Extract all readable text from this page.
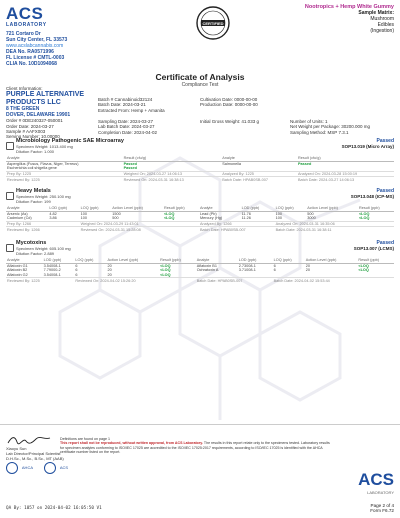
ACS
LABORATORY
721 Cortaro Dr
Sun City Center, FL 33573
www.acslabcannabis.com
DEA No. RA0571996
FL License # CMTL-0003
CLIA No. 10D1094068
CERTIFIED
Nootropics + Hemp White Gummy
Sample Matrix:
Mushroom
Edibles
(Ingestion)
Certificate of Analysis
Compliance Test
Client Information:
PURPLE ALTERNATIVE PRODUCTS LLC
8 THE GREEN
DOVER, DELAWARE 19901
Order # 0DE240327-050001
Order Date: 2024-03-27
Sample # AAFX003
Serving Number: 10.00000

Batch # Cannabinoid32124
Batch Date: 2024-03-21
Extracted From: Hemp + Amanita

Cultivation Date: 0000-00-00
Production Date: 0000-00-00
Sampling Date: 2024-03-27
Lab Batch Date: 2024-03-27
Completion Date: 2024-04-02
Initial Gross Weight: 41.033 g	Number of Units: 1
Net Weight per Package: 30200.000 mg
Sampling Method: MSP 7.3.1
Microbiology Pathogenic SAE Microarray
Specimen Weight: 1013.400 mg
Dilution Factor: 1.000
Passed
SOP13.019 (Micro Array)
Analyte	Result (cfu/g)	Analyte	Result (cfu/g)
Aspergillus (Fusus, Flavus, Niger, Terreus)	Passed	Salmonella	Passed
Escherichia coli shigella gene	Passed		
Prep By: 1225	Weighed On: 2024-03-27 14:06:13	Analyzed By: 1225	Analyzed On: 2024-03-28 15:00:19
Reviewed By: 1225	Reviewed On: 2024-03-31 16:38:13	Batch Date: HPAB0SB-007	Batch Date: 2024-03-27 14:06:13
Heavy Metals
Specimen Weight: 250.100 mg
Dilution Factor: 199
Passed
SOP13.048 (ICP-MS)
Analyte	LOD (ppb)	LOQ (ppb)	Action Level (ppb)	Result (ppb)	Analyte	LOD (ppb)	LOQ (ppb)	Action Level (ppb)	Result (ppb)
Arsenic (As)	4.82	100	1500	<LOQ	Lead (Pb)	11.76	100	500	<LOQ
Cadmium (Cd)	3.86	100	500	<LOQ	Mercury (Hg)	11.26	100	3000	<LOQ
Prep By: 1266		Weighed On: 2024-03-29 11:43:01			Analyzed By: 1266		Analyzed On: 2024-03-31 16:35:06		
Reviewed By: 1266		Reviewed On: 2024-03-31 15:28:08			Batch Date: HPAB0SB-007		Batch Date: 2024-03-31 16:38:11		
Mycotoxins
Specimen Weight: 605.100 mg
Dilution Factor: 2.889
Passed
SOP13.007 (LCMS)
Analyte	LOD (ppb)	LOQ (ppb)	Action Level (ppb)	Result (ppb)	Analyte	LOD (ppb)	LOQ (ppb)	Action Level (ppb)	Result (ppb)
Aflatoxin G1	3.54008-1	6	20	<LOQ	Aflatoxin B1	2.73008-1	6	20	<LOQ
Aflatoxin B2	7.79000-2	6	20	<LOQ	Ochratoxin A	3.71008-1	6	20	<LOQ
Aflatoxin G2	3.54008-1	6	20	<LOQ					
Reviewed By: 1225		Reviewed On: 2024-04-02 15:26:20			Batch Date: HPAB0SB-007		Batch Date: 2024-04-02 15:53:44		
Xiaoyu Sun
Lab Director/Principal Scientist
D.H.Sc., M.Sc., B.Sc., MT (AAB)
Definitions are found on page 1
This report shall not be reproduced, without written approval, from ACS Laboratory. The results in this report relate only to the specimens tested. Laboratory results for specimen analytes conforming to ISO/IEC 17025 are accredited to the ISO/IEC 17025:2017 requirements, according to ISO/IEC 17025 is identified with the AHCA certificate number listed on the report.
AHCA	ACS
ACS
LABORATORY
QA By: 1057 on 2024-04-02 16:05:50 V1
Page 2 of 4
Form F6.72
